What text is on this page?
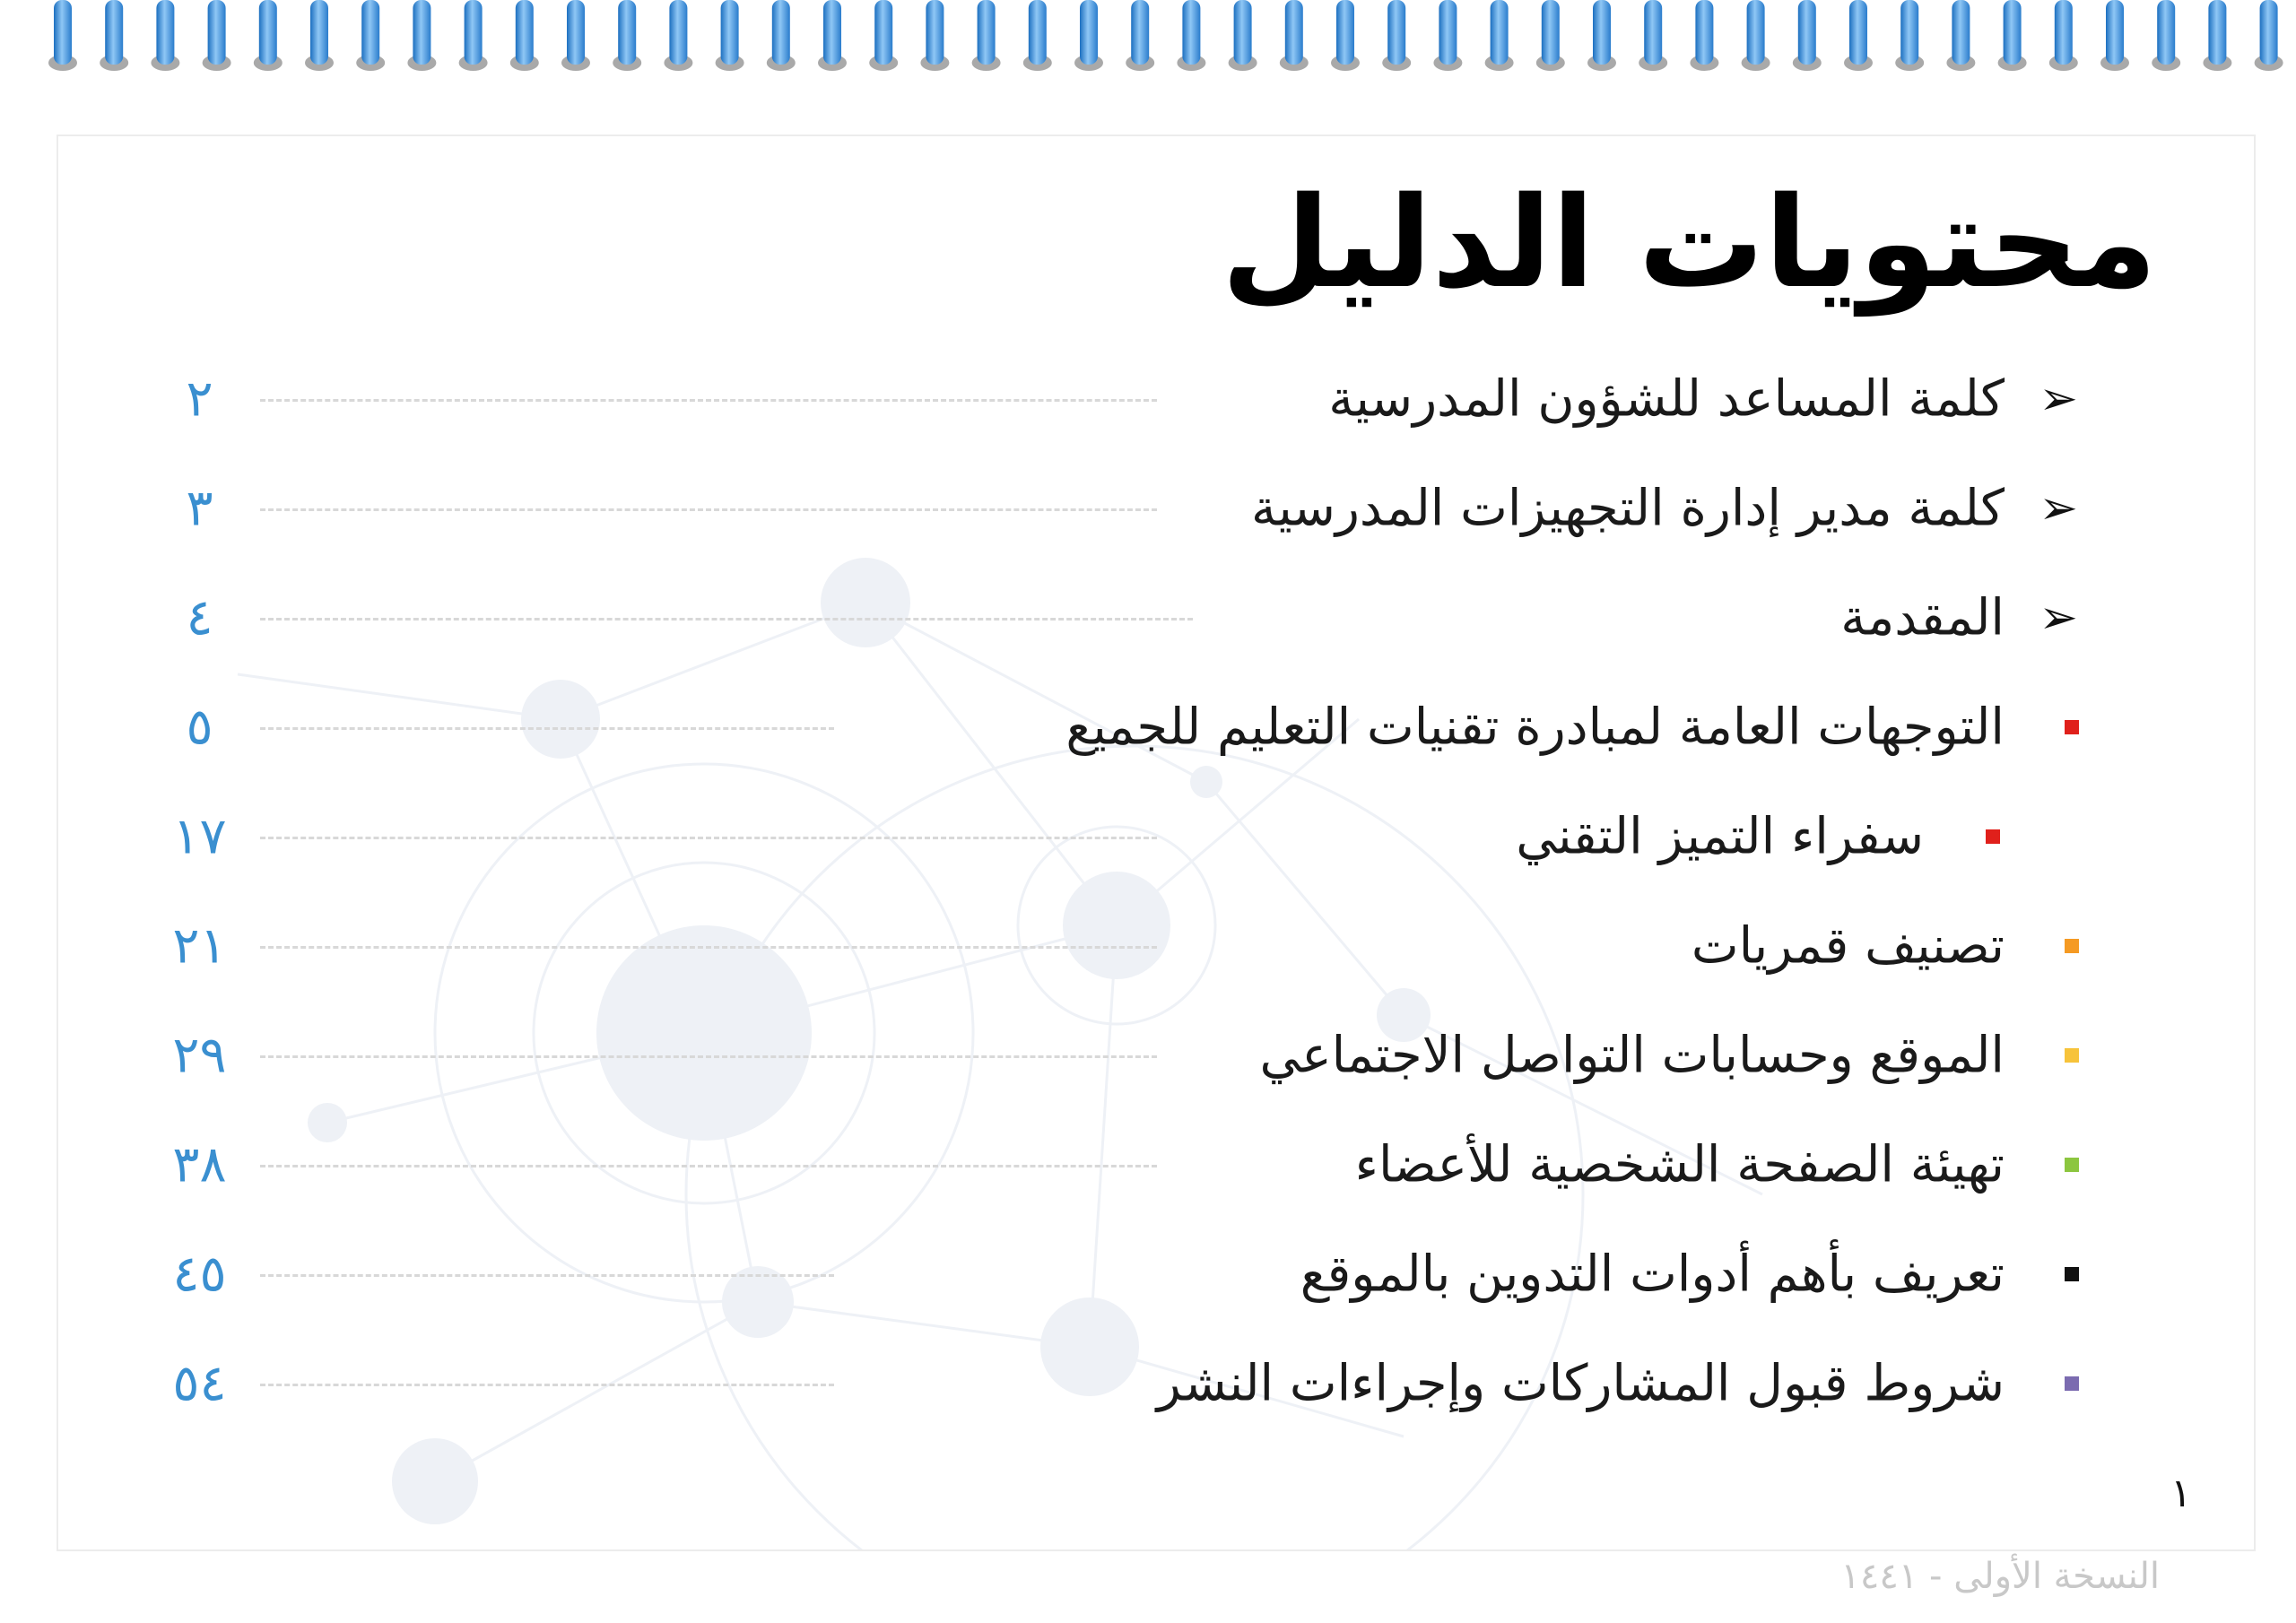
محتويات الدليل
➢
كلمة المساعد للشؤون المدرسية
٢
➢
كلمة مدير إدارة التجهيزات المدرسية
٣
➢
المقدمة
٤
التوجهات العامة لمبادرة تقنيات التعليم للجميع
٥
سفراء التميز التقني
١٧
تصنيف قمريات
٢١
الموقع وحسابات التواصل الاجتماعي
٢٩
تهيئة الصفحة الشخصية للأعضاء
٣٨
تعريف بأهم أدوات التدوين بالموقع
٤٥
شروط قبول المشاركات وإجراءات النشر
٥٤
١
النسخة الأولى - ١٤٤١
